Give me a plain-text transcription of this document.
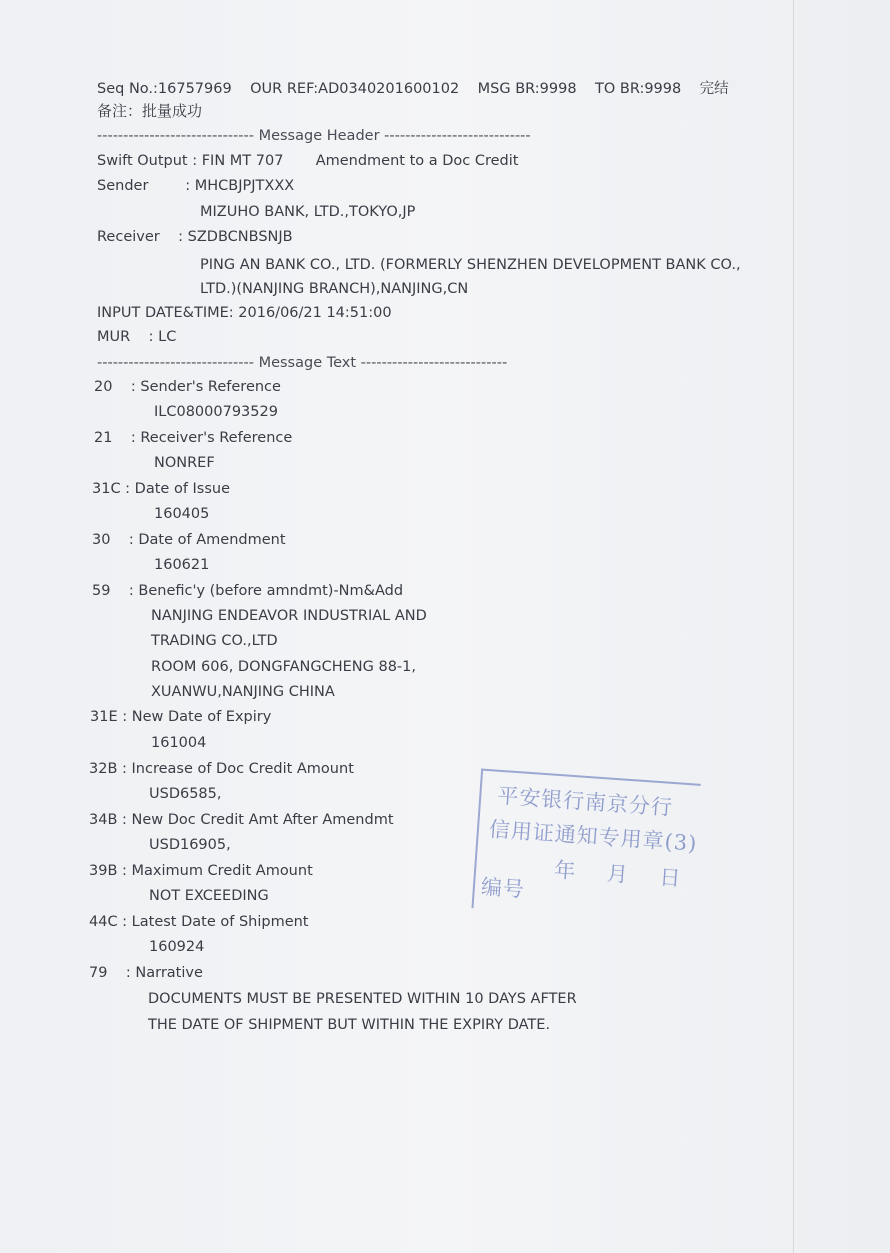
Seq No.:16757969    OUR REF:AD0340201600102    MSG BR:9998    TO BR:9998    完结
备注：批量成功
------------------------------ Message Header ----------------------------
Swift Output : FIN MT 707       Amendment to a Doc Credit
Sender        : MHCBJPJTXXX
MIZUHO BANK, LTD.,TOKYO,JP
Receiver    : SZDBCNBSNJB
PING AN BANK CO., LTD. (FORMERLY SHENZHEN DEVELOPMENT BANK CO.,
LTD.)(NANJING BRANCH),NANJING,CN
INPUT DATE&TIME: 2016/06/21 14:51:00
MUR    : LC
------------------------------ Message Text ----------------------------
20    : Sender's Reference
ILC08000793529
21    : Receiver's Reference
NONREF
31C : Date of Issue
160405
30    : Date of Amendment
160621
59    : Benefic'y (before amndmt)-Nm&Add
NANJING ENDEAVOR INDUSTRIAL AND
TRADING CO.,LTD
ROOM 606, DONGFANGCHENG 88-1,
XUANWU,NANJING CHINA
31E : New Date of Expiry
161004
32B : Increase of Doc Credit Amount
USD6585,
34B : New Doc Credit Amt After Amendmt
USD16905,
39B : Maximum Credit Amount
NOT EXCEEDING
44C : Latest Date of Shipment
160924
79    : Narrative
DOCUMENTS MUST BE PRESENTED WITHIN 10 DAYS AFTER
THE DATE OF SHIPMENT BUT WITHIN THE EXPIRY DATE.
平安银行南京分行
信用证通知专用章(3)
年    月    日
编号
